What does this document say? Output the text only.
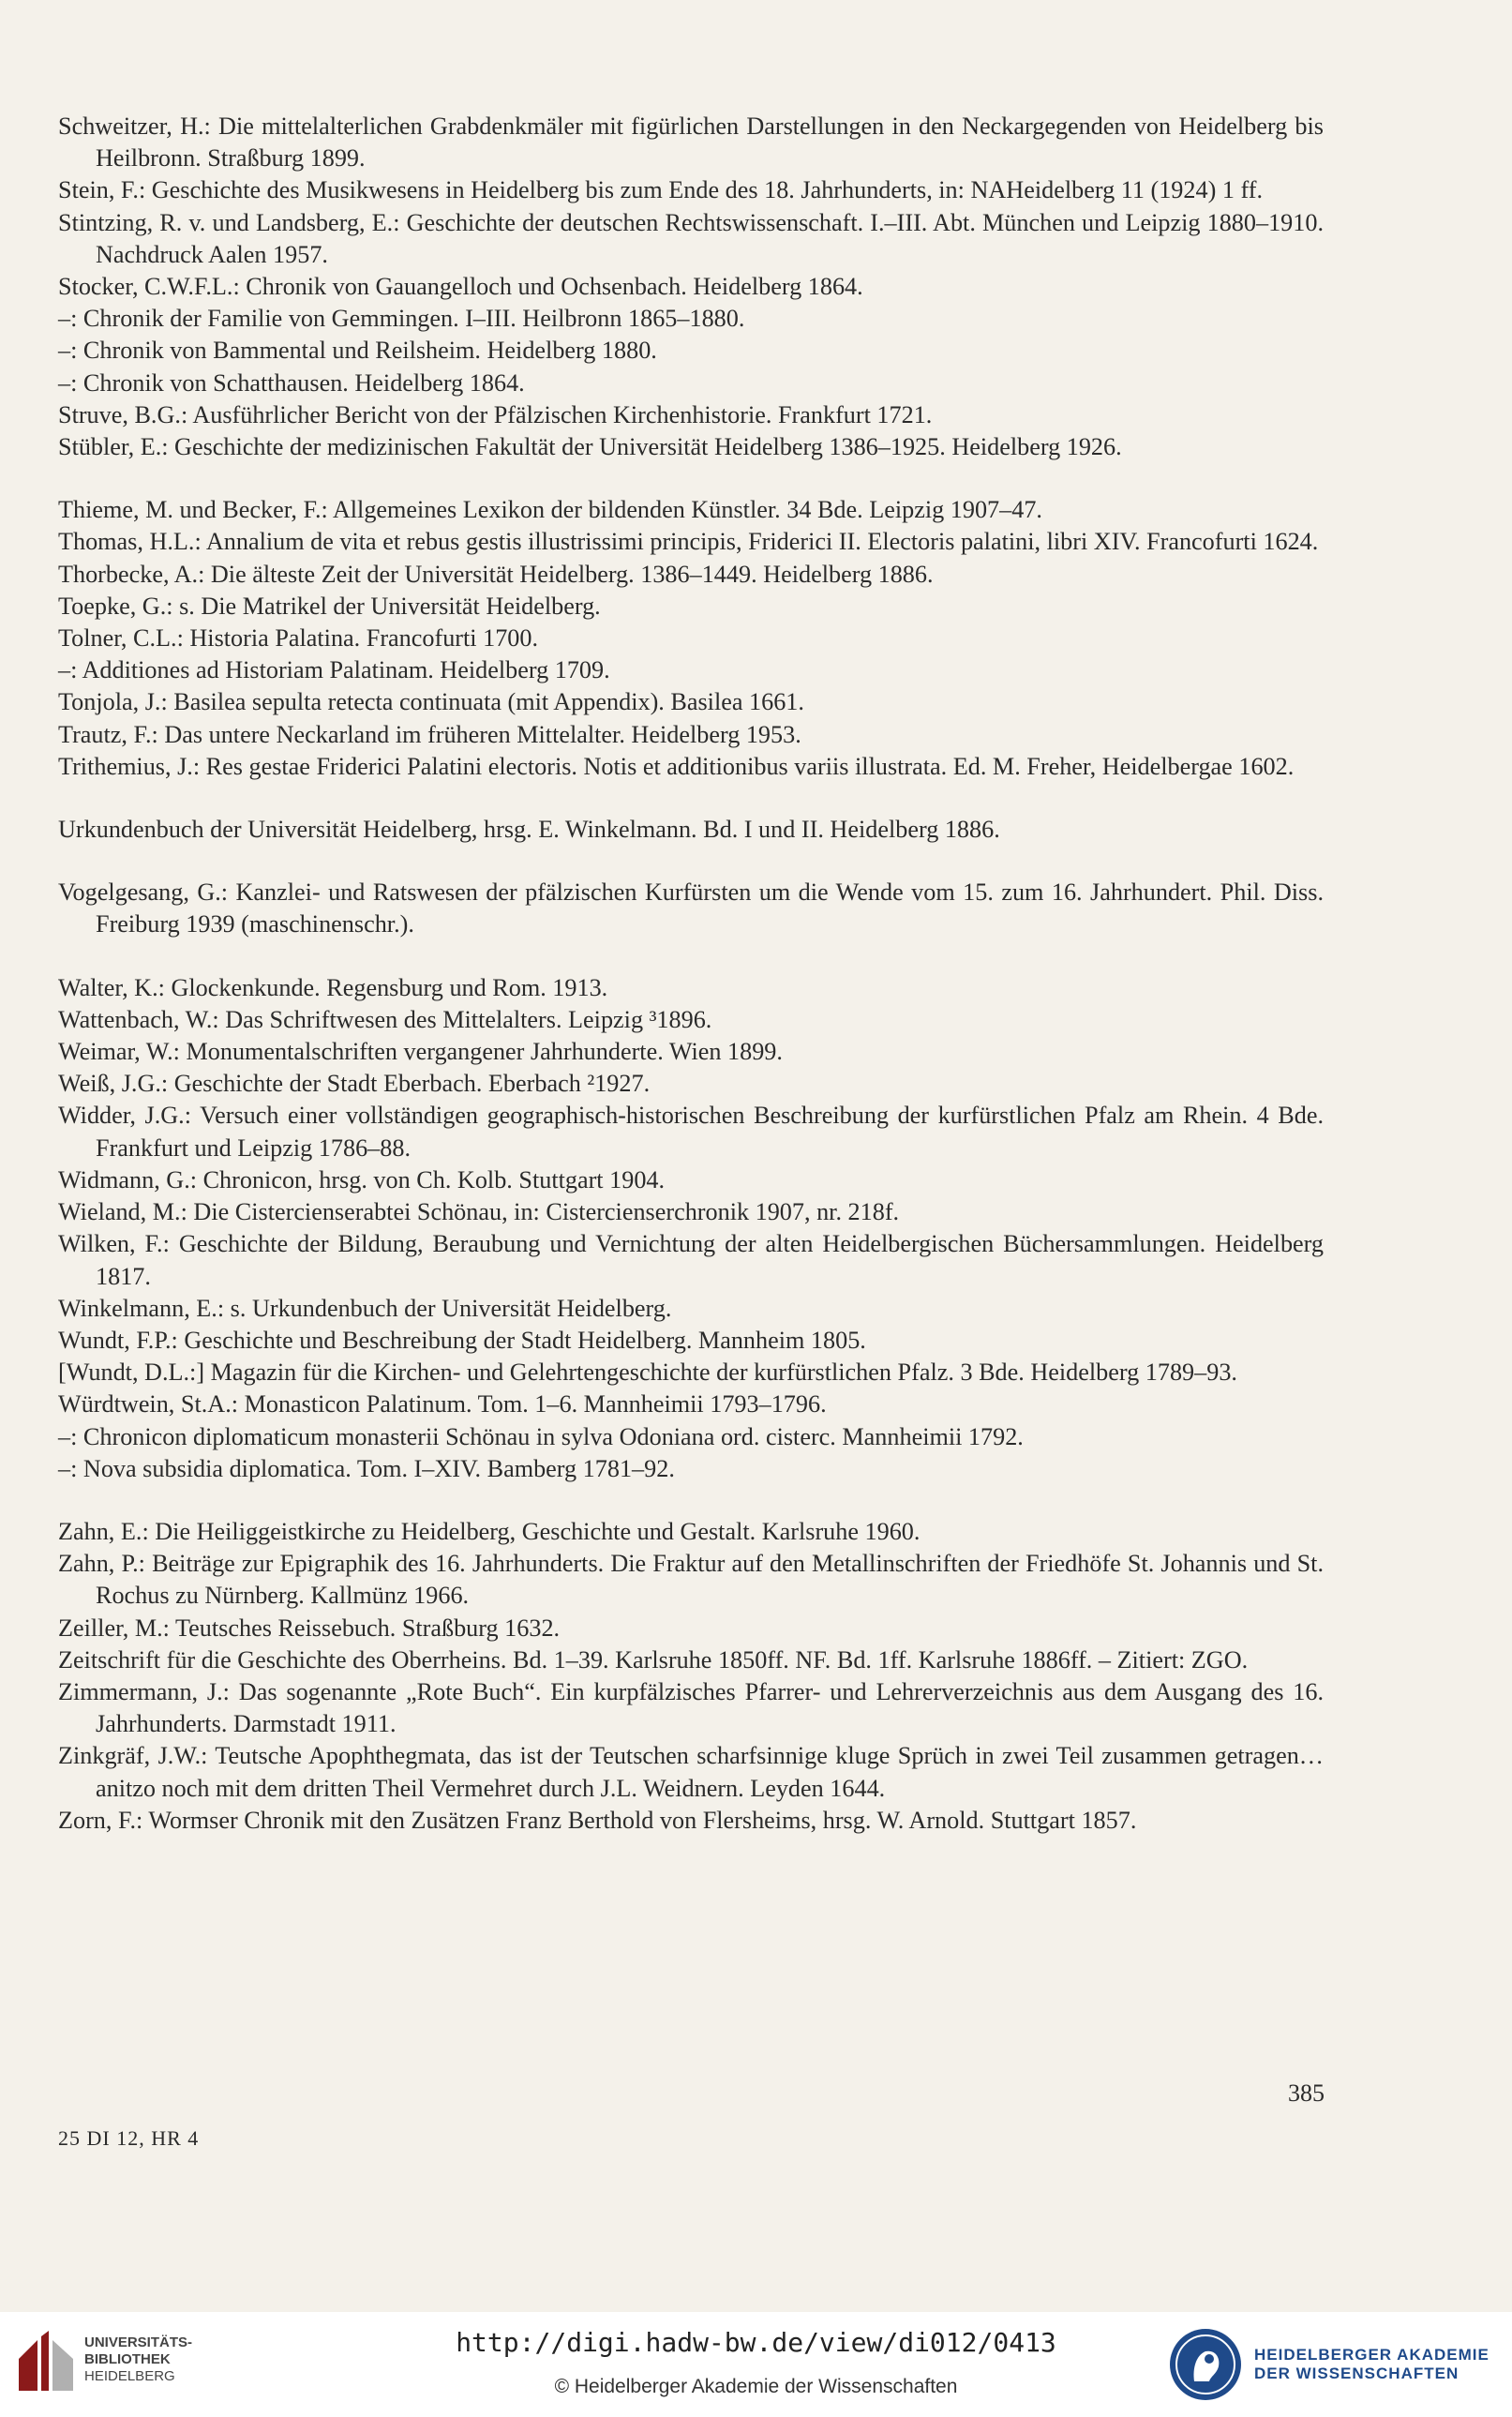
Schweitzer, H.: Die mittelalterlichen Grabdenkmäler mit figürlichen Darstellungen in den Neckargegenden von Heidelberg bis Heilbronn. Straßburg 1899.

Stein, F.: Geschichte des Musikwesens in Heidelberg bis zum Ende des 18. Jahrhunderts, in: NAHeidelberg 11 (1924) 1 ff.

Stintzing, R. v. und Landsberg, E.: Geschichte der deutschen Rechtswissenschaft. I.–III. Abt. München und Leipzig 1880–1910. Nachdruck Aalen 1957.

Stocker, C.W.F.L.: Chronik von Gauangelloch und Ochsenbach. Heidelberg 1864.

–: Chronik der Familie von Gemmingen. I–III. Heilbronn 1865–1880.

–: Chronik von Bammental und Reilsheim. Heidelberg 1880.

–: Chronik von Schatthausen. Heidelberg 1864.

Struve, B.G.: Ausführlicher Bericht von der Pfälzischen Kirchenhistorie. Frankfurt 1721.

Stübler, E.: Geschichte der medizinischen Fakultät der Universität Heidelberg 1386–1925. Heidelberg 1926.

Thieme, M. und Becker, F.: Allgemeines Lexikon der bildenden Künstler. 34 Bde. Leipzig 1907–47.

Thomas, H.L.: Annalium de vita et rebus gestis illustrissimi principis, Friderici II. Electoris palatini, libri XIV. Francofurti 1624.

Thorbecke, A.: Die älteste Zeit der Universität Heidelberg. 1386–1449. Heidelberg 1886.

Toepke, G.: s. Die Matrikel der Universität Heidelberg.

Tolner, C.L.: Historia Palatina. Francofurti 1700.

–: Additiones ad Historiam Palatinam. Heidelberg 1709.

Tonjola, J.: Basilea sepulta retecta continuata (mit Appendix). Basilea 1661.

Trautz, F.: Das untere Neckarland im früheren Mittelalter. Heidelberg 1953.

Trithemius, J.: Res gestae Friderici Palatini electoris. Notis et additionibus variis illustrata. Ed. M. Freher, Heidelbergae 1602.

Urkundenbuch der Universität Heidelberg, hrsg. E. Winkelmann. Bd. I und II. Heidelberg 1886.

Vogelgesang, G.: Kanzlei- und Ratswesen der pfälzischen Kurfürsten um die Wende vom 15. zum 16. Jahrhundert. Phil. Diss. Freiburg 1939 (maschinenschr.).

Walter, K.: Glockenkunde. Regensburg und Rom. 1913.

Wattenbach, W.: Das Schriftwesen des Mittelalters. Leipzig ³1896.

Weimar, W.: Monumentalschriften vergangener Jahrhunderte. Wien 1899.

Weiß, J.G.: Geschichte der Stadt Eberbach. Eberbach ²1927.

Widder, J.G.: Versuch einer vollständigen geographisch-historischen Beschreibung der kurfürstlichen Pfalz am Rhein. 4 Bde. Frankfurt und Leipzig 1786–88.

Widmann, G.: Chronicon, hrsg. von Ch. Kolb. Stuttgart 1904.

Wieland, M.: Die Cistercienserabtei Schönau, in: Cistercienserchronik 1907, nr. 218f.

Wilken, F.: Geschichte der Bildung, Beraubung und Vernichtung der alten Heidelbergischen Büchersammlungen. Heidelberg 1817.

Winkelmann, E.: s. Urkundenbuch der Universität Heidelberg.

Wundt, F.P.: Geschichte und Beschreibung der Stadt Heidelberg. Mannheim 1805.

[Wundt, D.L.:] Magazin für die Kirchen- und Gelehrtengeschichte der kurfürstlichen Pfalz. 3 Bde. Heidelberg 1789–93.

Würdtwein, St.A.: Monasticon Palatinum. Tom. 1–6. Mannheimii 1793–1796.

–: Chronicon diplomaticum monasterii Schönau in sylva Odoniana ord. cisterc. Mannheimii 1792.

–: Nova subsidia diplomatica. Tom. I–XIV. Bamberg 1781–92.

Zahn, E.: Die Heiliggeistkirche zu Heidelberg, Geschichte und Gestalt. Karlsruhe 1960.

Zahn, P.: Beiträge zur Epigraphik des 16. Jahrhunderts. Die Fraktur auf den Metallinschriften der Friedhöfe St. Johannis und St. Rochus zu Nürnberg. Kallmünz 1966.

Zeiller, M.: Teutsches Reissebuch. Straßburg 1632.

Zeitschrift für die Geschichte des Oberrheins. Bd. 1–39. Karlsruhe 1850ff. NF. Bd. 1ff. Karlsruhe 1886ff. – Zitiert: ZGO.

Zimmermann, J.: Das sogenannte „Rote Buch“. Ein kurpfälzisches Pfarrer- und Lehrerverzeichnis aus dem Ausgang des 16. Jahrhunderts. Darmstadt 1911.

Zinkgräf, J.W.: Teutsche Apophthegmata, das ist der Teutschen scharfsinnige kluge Sprüch in zwei Teil zusammen getragen… anitzo noch mit dem dritten Theil Vermehret durch J.L. Weidnern. Leyden 1644.

Zorn, F.: Wormser Chronik mit den Zusätzen Franz Berthold von Flersheims, hrsg. W. Arnold. Stuttgart 1857.

385
25 DI 12, HR 4
UNIVERSITÄTS-
BIBLIOTHEK
HEIDELBERG
http://digi.hadw-bw.de/view/di012/0413
© Heidelberger Akademie der Wissenschaften
HEIDELBERGER AKADEMIE
DER WISSENSCHAFTEN
